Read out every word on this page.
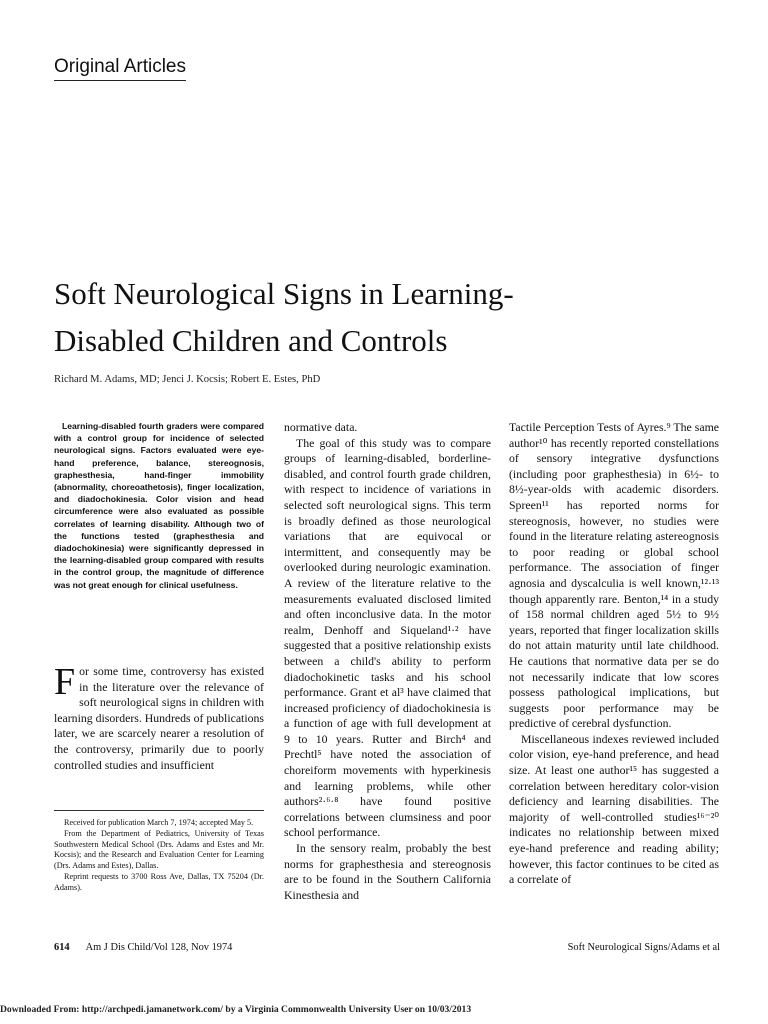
Original Articles
Soft Neurological Signs in Learning-
Disabled Children and Controls
Richard M. Adams, MD; Jenci J. Kocsis; Robert E. Estes, PhD

Learning-disabled fourth graders were compared with a control group for incidence of selected neurological signs. Factors evaluated were eye-hand preference, balance, stereognosis, graphesthesia, hand-finger immobility (abnormality, choreoathetosis), finger localization, and diadochokinesia. Color vision and head circumference were also evaluated as possible correlates of learning disability. Although two of the functions tested (graphesthesia and diadochokinesia) were significantly depressed in the learning-disabled group compared with results in the control group, the magnitude of difference was not great enough for clinical usefulness.

For some time, controversy has existed in the literature over the relevance of soft neurological signs in children with learning disorders. Hundreds of publications later, we are scarcely nearer a resolution of the controversy, primarily due to poorly controlled studies and insufficient

Received for publication March 7, 1974; accepted May 5.

From the Department of Pediatrics, University of Texas Southwestern Medical School (Drs. Adams and Estes and Mr. Kocsis); and the Research and Evaluation Center for Learning (Drs. Adams and Estes), Dallas.

Reprint requests to 3700 Ross Ave, Dallas, TX 75204 (Dr. Adams).

normative data.

The goal of this study was to compare groups of learning-disabled, borderline-disabled, and control fourth grade children, with respect to incidence of variations in selected soft neurological signs. This term is broadly defined as those neurological variations that are equivocal or intermittent, and consequently may be overlooked during neurologic examination. A review of the literature relative to the measurements evaluated disclosed limited and often inconclusive data. In the motor realm, Denhoff and Siqueland¹·² have suggested that a positive relationship exists between a child's ability to perform diadochokinetic tasks and his school performance. Grant et al³ have claimed that increased proficiency of diadochokinesia is a function of age with full development at 9 to 10 years. Rutter and Birch⁴ and Prechtl⁵ have noted the association of choreiform movements with hyperkinesis and learning problems, while other authors²·⁶·⁸ have found positive correlations between clumsiness and poor school performance.

In the sensory realm, probably the best norms for graphesthesia and stereognosis are to be found in the Southern California Kinesthesia and

Tactile Perception Tests of Ayres.⁹ The same author¹⁰ has recently reported constellations of sensory integrative dysfunctions (including poor graphesthesia) in 6½- to 8½-year-olds with academic disorders. Spreen¹¹ has reported norms for stereognosis, however, no studies were found in the literature relating astereognosis to poor reading or global school performance. The association of finger agnosia and dyscalculia is well known,¹²·¹³ though apparently rare. Benton,¹⁴ in a study of 158 normal children aged 5½ to 9½ years, reported that finger localization skills do not attain maturity until late childhood. He cautions that normative data per se do not necessarily indicate that low scores possess pathological implications, but suggests poor performance may be predictive of cerebral dysfunction.

Miscellaneous indexes reviewed included color vision, eye-hand preference, and head size. At least one author¹⁵ has suggested a correlation between hereditary color-vision deficiency and learning disabilities. The majority of well-controlled studies¹⁶⁻²⁰ indicates no relationship between mixed eye-hand preference and reading ability; however, this factor continues to be cited as a correlate of

614 Am J Dis Child/Vol 128, Nov 1974	Soft Neurological Signs/Adams et al
Downloaded From: http://archpedi.jamanetwork.com/ by a Virginia Commonwealth University User on 10/03/2013
